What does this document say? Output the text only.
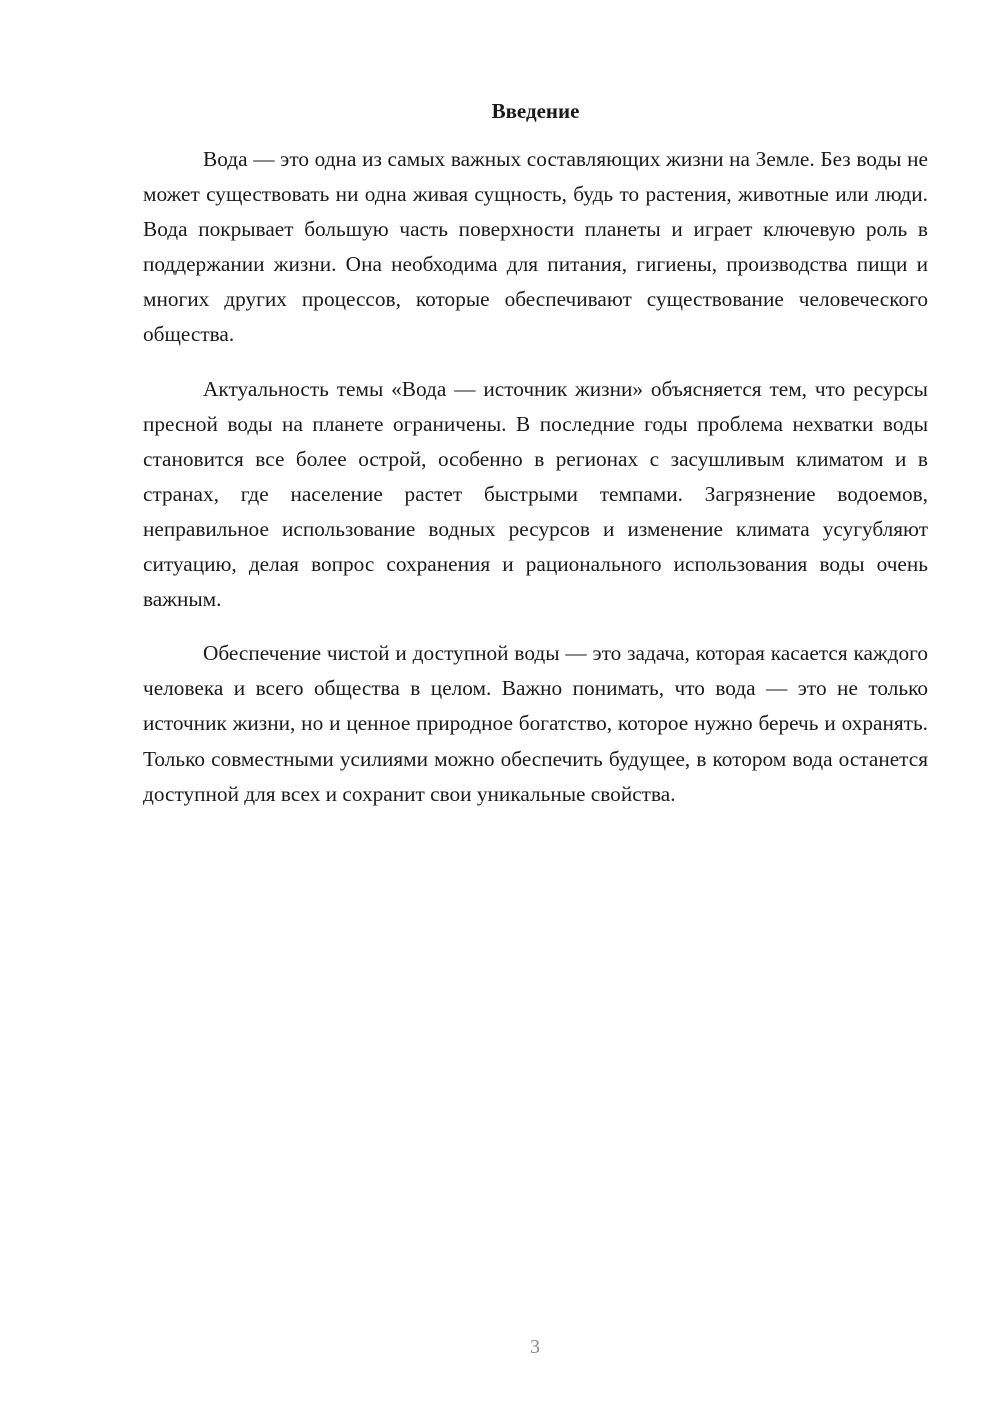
Введение

Вода — это одна из самых важных составляющих жизни на Земле. Без воды не может существовать ни одна живая сущность, будь то растения, животные или люди. Вода покрывает большую часть поверхности планеты и играет ключевую роль в поддержании жизни. Она необходима для питания, гигиены, производства пищи и многих других процессов, которые обеспечивают существование человеческого общества.

Актуальность темы «Вода — источник жизни» объясняется тем, что ресурсы пресной воды на планете ограничены. В последние годы проблема нехватки воды становится все более острой, особенно в регионах с засушливым климатом и в странах, где население растет быстрыми темпами. Загрязнение водоемов, неправильное использование водных ресурсов и изменение климата усугубляют ситуацию, делая вопрос сохранения и рационального использования воды очень важным.

Обеспечение чистой и доступной воды — это задача, которая касается каждого человека и всего общества в целом. Важно понимать, что вода — это не только источник жизни, но и ценное природное богатство, которое нужно беречь и охранять. Только совместными усилиями можно обеспечить будущее, в котором вода останется доступной для всех и сохранит свои уникальные свойства.

3
